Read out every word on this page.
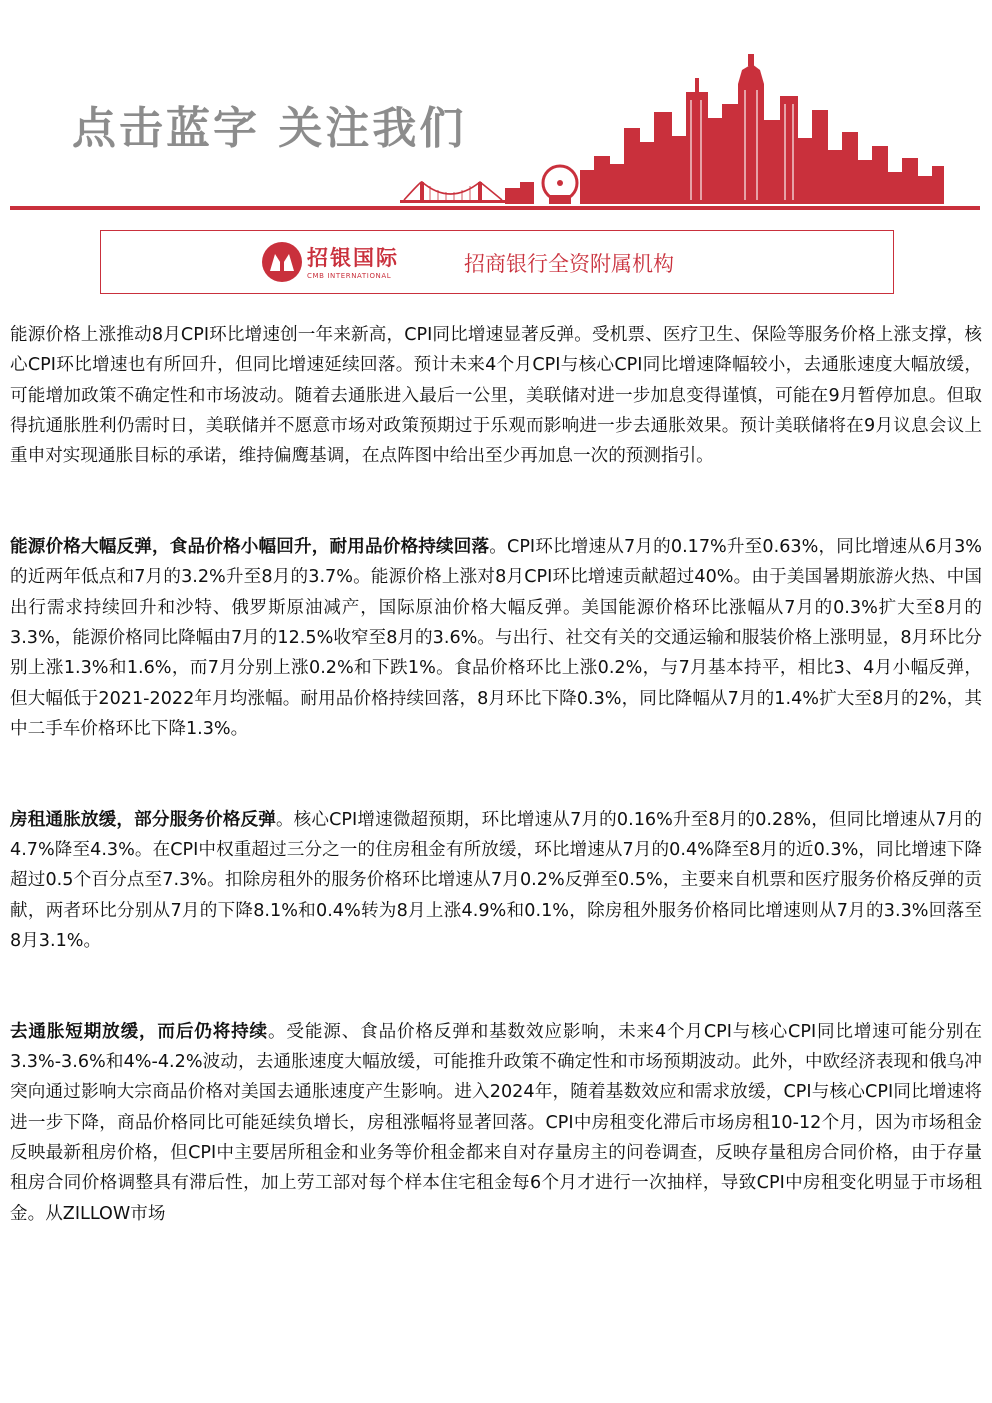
点击蓝字 关注我们
招银国际
CMB INTERNATIONAL	招商银行全资附属机构

能源价格上涨推动8月CPI环比增速创一年来新高，CPI同比增速显著反弹。受机票、医疗卫生、保险等服务价格上涨支撑，核心CPI环比增速也有所回升，但同比增速延续回落。预计未来4个月CPI与核心CPI同比增速降幅较小，去通胀速度大幅放缓，可能增加政策不确定性和市场波动。随着去通胀进入最后一公里，美联储对进一步加息变得谨慎，可能在9月暂停加息。但取得抗通胀胜利仍需时日，美联储并不愿意市场对政策预期过于乐观而影响进一步去通胀效果。预计美联储将在9月议息会议上重申对实现通胀目标的承诺，维持偏鹰基调，在点阵图中给出至少再加息一次的预测指引。

能源价格大幅反弹，食品价格小幅回升，耐用品价格持续回落。CPI环比增速从7月的0.17%升至0.63%，同比增速从6月3%的近两年低点和7月的3.2%升至8月的3.7%。能源价格上涨对8月CPI环比增速贡献超过40%。由于美国暑期旅游火热、中国出行需求持续回升和沙特、俄罗斯原油减产，国际原油价格大幅反弹。美国能源价格环比涨幅从7月的0.3%扩大至8月的3.3%，能源价格同比降幅由7月的12.5%收窄至8月的3.6%。与出行、社交有关的交通运输和服装价格上涨明显，8月环比分别上涨1.3%和1.6%，而7月分别上涨0.2%和下跌1%。食品价格环比上涨0.2%，与7月基本持平，相比3、4月小幅反弹，但大幅低于2021-2022年月均涨幅。耐用品价格持续回落，8月环比下降0.3%，同比降幅从7月的1.4%扩大至8月的2%，其中二手车价格环比下降1.3%。

房租通胀放缓，部分服务价格反弹。核心CPI增速微超预期，环比增速从7月的0.16%升至8月的0.28%，但同比增速从7月的4.7%降至4.3%。在CPI中权重超过三分之一的住房租金有所放缓，环比增速从7月的0.4%降至8月的近0.3%，同比增速下降超过0.5个百分点至7.3%。扣除房租外的服务价格环比增速从7月0.2%反弹至0.5%，主要来自机票和医疗服务价格反弹的贡献，两者环比分别从7月的下降8.1%和0.4%转为8月上涨4.9%和0.1%，除房租外服务价格同比增速则从7月的3.3%回落至8月3.1%。

去通胀短期放缓，而后仍将持续。受能源、食品价格反弹和基数效应影响，未来4个月CPI与核心CPI同比增速可能分别在3.3%-3.6%和4%-4.2%波动，去通胀速度大幅放缓，可能推升政策不确定性和市场预期波动。此外，中欧经济表现和俄乌冲突向通过影响大宗商品价格对美国去通胀速度产生影响。进入2024年，随着基数效应和需求放缓，CPI与核心CPI同比增速将进一步下降，商品价格同比可能延续负增长，房租涨幅将显著回落。CPI中房租变化滞后市场房租10-12个月，因为市场租金反映最新租房价格，但CPI中主要居所租金和业务等价租金都来自对存量房主的问卷调查，反映存量租房合同价格，由于存量租房合同价格调整具有滞后性，加上劳工部对每个样本住宅租金每6个月才进行一次抽样，导致CPI中房租变化明显于市场租金。从ZILLOW市场
